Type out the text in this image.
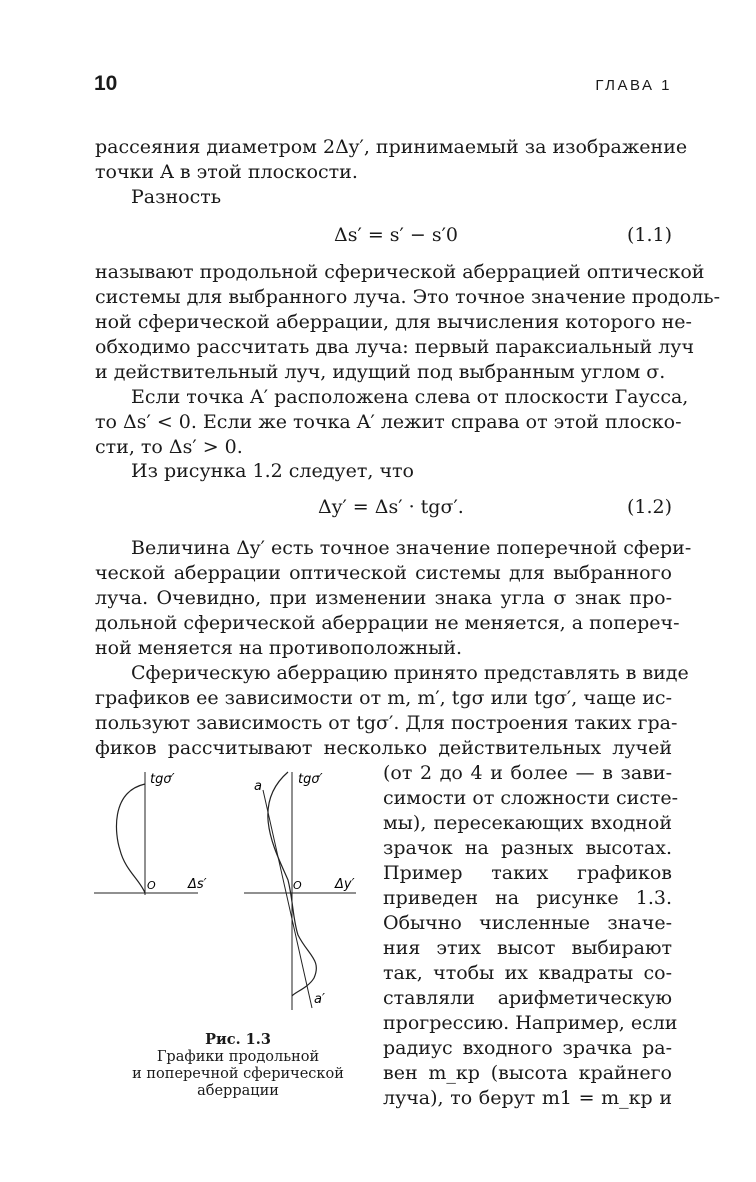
10	ГЛАВА 1
рассеяния диаметром 2Δy′, принимаемый за изображение
точки A в этой плоскости.
Разность
Δs′ = s′ − s′0	(1.1)
называют продольной сферической аберрацией оптической
системы для выбранного луча. Это точное значение продоль-
ной сферической аберрации, для вычисления которого не-
обходимо рассчитать два луча: первый параксиальный луч
и действительный луч, идущий под выбранным углом σ.
Если точка A′ расположена слева от плоскости Гаусса,
то Δs′ < 0. Если же точка A′ лежит справа от этой плоско-
сти, то Δs′ > 0.
Из рисунка 1.2 следует, что
Δy′ = Δs′ · tgσ′.	(1.2)
Величина Δy′ есть точное значение поперечной сфери-
ческой аберрации оптической системы для выбранного
луча. Очевидно, при изменении знака угла σ знак про-
дольной сферической аберрации не меняется, а попереч-
ной меняется на противоположный.
Сферическую аберрацию принято представлять в виде
графиков ее зависимости от m, m′, tgσ или tgσ′, чаще ис-
пользуют зависимость от tgσ′. Для построения таких гра-
фиков рассчитывают несколько действительных лучей
(от 2 до 4 и более — в зави-
симости от сложности систе-
мы), пересекающих входной
зрачок на разных высотах.
Пример таких графиков
приведен на рисунке 1.3.
Обычно численные значе-
ния этих высот выбирают
так, чтобы их квадраты со-
ставляли арифметическую
прогрессию. Например, если
радиус входного зрачка ра-
вен m_кр (высота крайнего
луча), то берут m1 = m_кр и
tgσ′
Δs′
O
tgσ′
Δy′
O
a
a′
Рис. 1.3
Графики продольной
и поперечной сферической
аберрации
